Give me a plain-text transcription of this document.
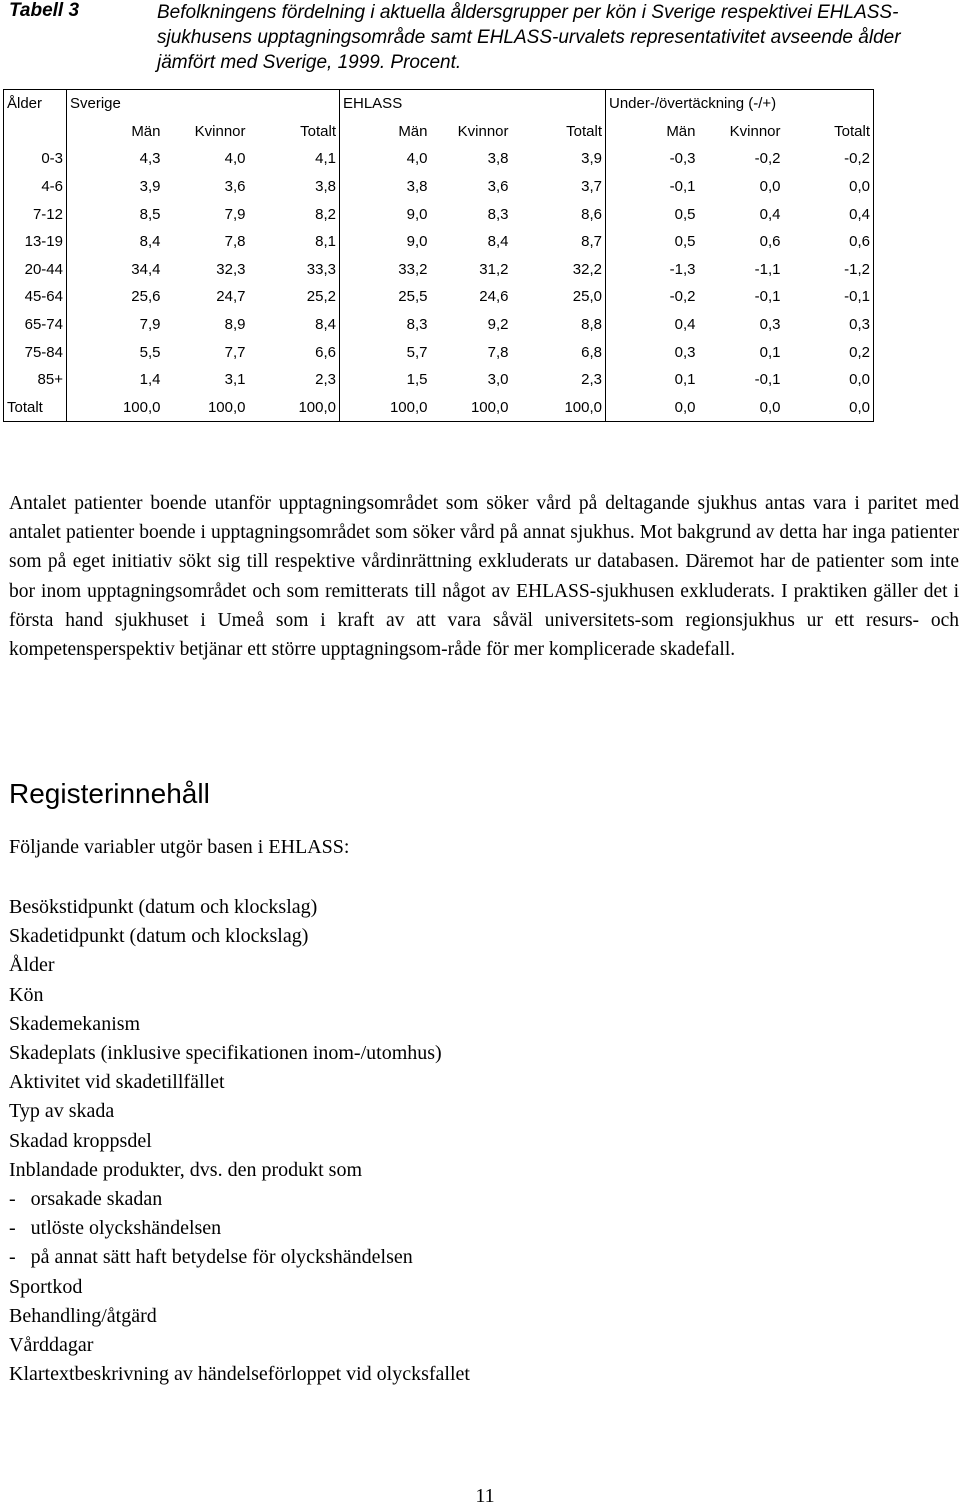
Tabell 3	Befolkningens fördelning i aktuella åldersgrupper per kön i Sverige respektivei EHLASS-sjukhusens upptagningsområde samt EHLASS-urvalets representativitet avseende ålder jämfört med Sverige, 1999. Procent.
Ålder	Sverige			EHLASS			Under-/övertäckning (-/+)		
	Män	Kvinnor	Totalt	Män	Kvinnor	Totalt	Män	Kvinnor	Totalt
0-3	4,3	4,0	4,1	4,0	3,8	3,9	-0,3	-0,2	-0,2
4-6	3,9	3,6	3,8	3,8	3,6	3,7	-0,1	0,0	0,0
7-12	8,5	7,9	8,2	9,0	8,3	8,6	0,5	0,4	0,4
13-19	8,4	7,8	8,1	9,0	8,4	8,7	0,5	0,6	0,6
20-44	34,4	32,3	33,3	33,2	31,2	32,2	-1,3	-1,1	-1,2
45-64	25,6	24,7	25,2	25,5	24,6	25,0	-0,2	-0,1	-0,1
65-74	7,9	8,9	8,4	8,3	9,2	8,8	0,4	0,3	0,3
75-84	5,5	7,7	6,6	5,7	7,8	6,8	0,3	0,1	0,2
85+	1,4	3,1	2,3	1,5	3,0	2,3	0,1	-0,1	0,0
Totalt	100,0	100,0	100,0	100,0	100,0	100,0	0,0	0,0	0,0

Antalet patienter boende utanför upptagningsområdet som söker vård på deltagande sjukhus antas vara i paritet med antalet patienter boende i upptagningsområdet som söker vård på annat sjukhus. Mot bakgrund av detta har inga patienter som på eget initiativ sökt sig till respektive vårdinrättning exkluderats ur databasen. Däremot har de patienter som inte bor inom upptagningsområdet och som remitterats till något av EHLASS-sjukhusen exkluderats. I praktiken gäller det i första hand sjukhuset i Umeå som i kraft av att vara såväl universitets-som regionsjukhus ur ett resurs- och kompetensperspektiv betjänar ett större upptagningsom-råde för mer komplicerade skadefall.

Registerinnehåll

Följande variabler utgör basen i EHLASS:

Besökstidpunkt (datum och klockslag)
Skadetidpunkt (datum och klockslag)
Ålder
Kön
Skademekanism
Skadeplats (inklusive specifikationen inom-/utomhus)
Aktivitet vid skadetillfället
Typ av skada
Skadad kroppsdel
Inblandade produkter, dvs. den produkt som
-   orsakade skadan
-   utlöste olyckshändelsen
-   på annat sätt haft betydelse för olyckshändelsen
Sportkod
Behandling/åtgärd
Vårddagar
Klartextbeskrivning av händelseförloppet vid olycksfallet
11
